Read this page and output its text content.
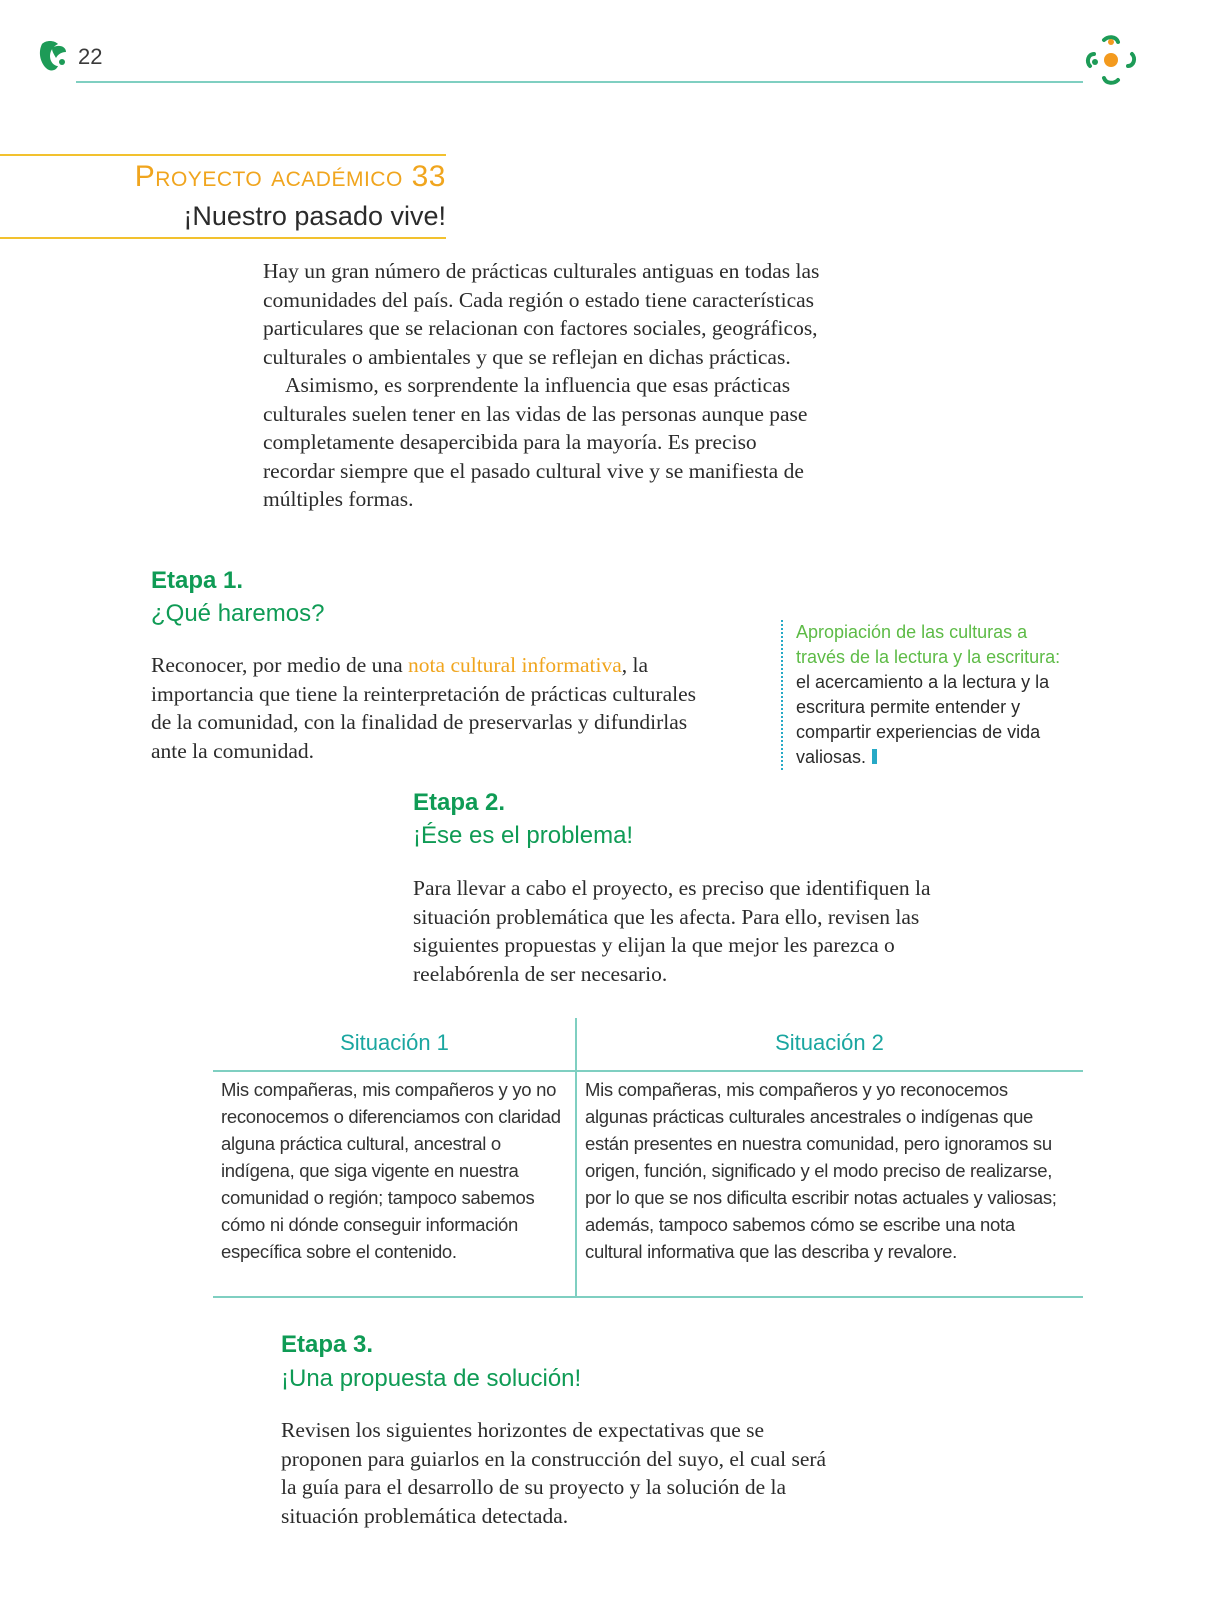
22
Proyecto académico 33
¡Nuestro pasado vive!

Hay un gran número de prácticas culturales antiguas en todas las comunidades del país. Cada región o estado tiene características particulares que se relacionan con factores sociales, geográficos, culturales o ambientales y que se reflejan en dichas prácticas.

Asimismo, es sorprendente la influencia que esas prácticas culturales suelen tener en las vidas de las personas aunque pase completamente desapercibida para la mayoría. Es preciso recordar siempre que el pasado cultural vive y se manifiesta de múltiples formas.

Etapa 1.
¿Qué haremos?
Reconocer, por medio de una nota cultural informativa, la importancia que tiene la reinterpretación de prácticas culturales de la comunidad, con la finalidad de preservarlas y difundirlas ante la comunidad.
Apropiación de las culturas a través de la lectura y la escritura: el acercamiento a la lectura y la escritura permite entender y compartir experiencias de vida valiosas.
Etapa 2.
¡Ése es el problema!
Para llevar a cabo el proyecto, es preciso que identifiquen la situación problemática que les afecta. Para ello, revisen las siguientes propuestas y elijan la que mejor les parezca o reelabórenla de ser necesario.
Situación 1	Situación 2
Mis compañeras, mis compañeros y yo no reconocemos o diferenciamos con claridad alguna práctica cultural, ancestral o indígena, que siga vigente en nuestra comunidad o región; tampoco sabemos cómo ni dónde conseguir información específica sobre el contenido.
Mis compañeras, mis compañeros y yo reconocemos algunas prácticas culturales ancestrales o indígenas que están presentes en nuestra comunidad, pero ignoramos su origen, función, significado y el modo preciso de realizarse, por lo que se nos dificulta escribir notas actuales y valiosas; además, tampoco sabemos cómo se escribe una nota cultural informativa que las describa y revalore.
Etapa 3.
¡Una propuesta de solución!
Revisen los siguientes horizontes de expectativas que se proponen para guiarlos en la construcción del suyo, el cual será la guía para el desarrollo de su proyecto y la solución de la situación problemática detectada.
